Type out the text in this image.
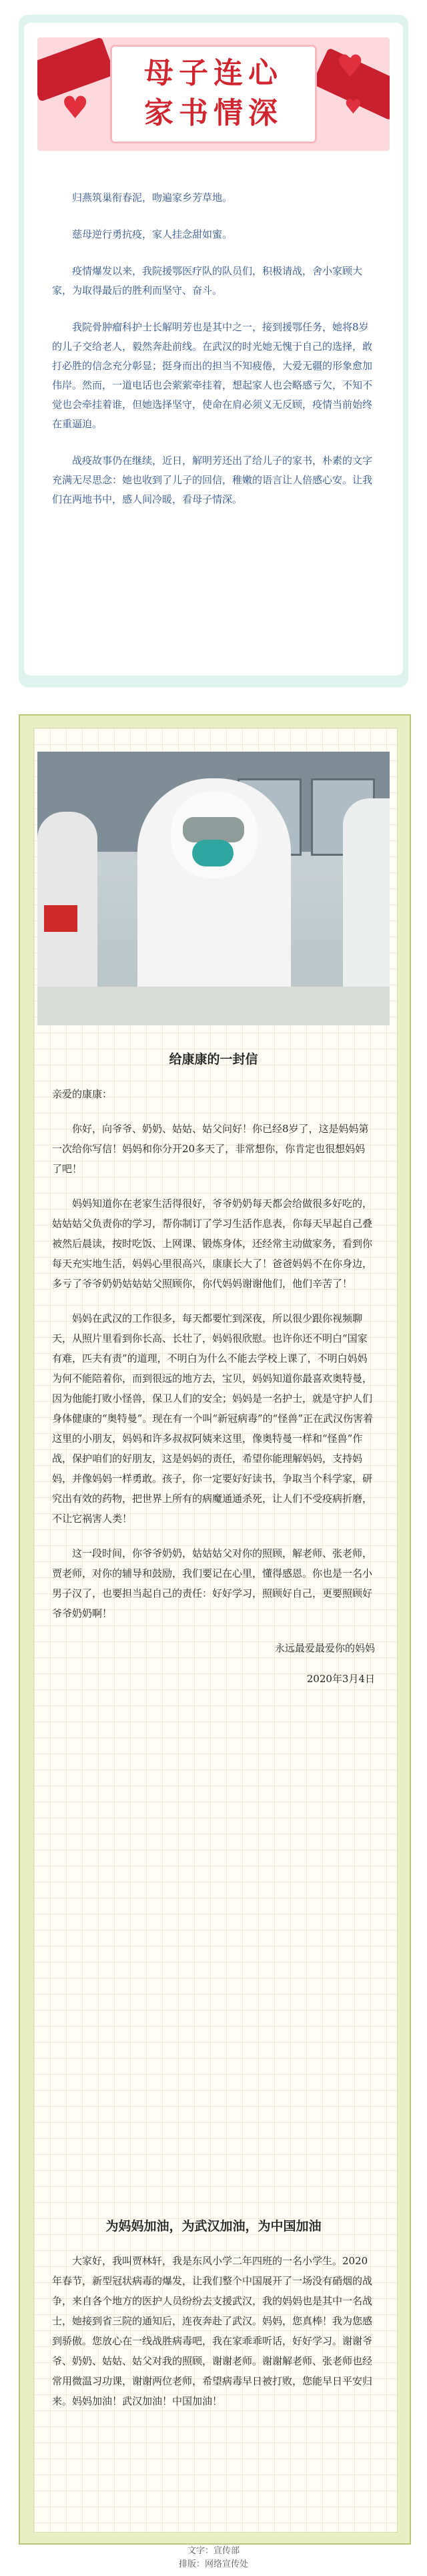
♥
♥
♥
母子连心
家书情深

归燕筑巢衔春泥，吻遍家乡芳草地。

慈母逆行勇抗疫，家人挂念甜如蜜。

疫情爆发以来，我院援鄂医疗队的队员们，积极请战，舍小家顾大家，为取得最后的胜利而坚守、奋斗。

我院骨肿瘤科护士长解明芳也是其中之一，接到援鄂任务，她将8岁的儿子交给老人，毅然奔赴前线。在武汉的时光她无愧于自己的选择，敢打必胜的信念充分彰显；挺身而出的担当不知疲倦，大爱无疆的形象愈加伟岸。然而，一道电话也会萦萦牵挂着，想起家人也会略感亏欠，不知不觉也会牵挂着谁，但她选择坚守，使命在肩必须义无反顾，疫情当前始终在重逼迫。

战疫故事仍在继续，近日，解明芳还出了给儿子的家书，朴素的文字充满无尽思念：她也收到了儿子的回信，稚嫩的语言让人倍感心安。让我们在两地书中，感人间冷暖，看母子情深。

给康康的一封信

亲爱的康康：

你好，向爷爷、奶奶、姑姑、姑父问好！你已经8岁了，这是妈妈第一次给你写信！妈妈和你分开20多天了，非常想你，你肯定也很想妈妈了吧！

妈妈知道你在老家生活得很好，爷爷奶奶每天都会给做很多好吃的，姑姑姑父负责你的学习，帮你制订了学习生活作息表，你每天早起自己叠被然后晨读，按时吃饭、上网课、锻炼身体，还经常主动做家务，看到你每天充实地生活，妈妈心里很高兴，康康长大了！爸爸妈妈不在你身边，多亏了爷爷奶奶姑姑姑父照顾你，你代妈妈谢谢他们，他们辛苦了！

妈妈在武汉的工作很多，每天都要忙到深夜，所以很少跟你视频聊天，从照片里看到你长高、长壮了，妈妈很欣慰。也许你还不明白“国家有难，匹夫有责”的道理，不明白为什么不能去学校上课了，不明白妈妈为何不能陪着你，而到很远的地方去，宝贝，妈妈知道你最喜欢奥特曼，因为他能打败小怪兽，保卫人们的安全；妈妈是一名护士，就是守护人们身体健康的“奥特曼”。现在有一个叫“新冠病毒”的“怪兽”正在武汉伤害着这里的小朋友，妈妈和许多叔叔阿姨来这里，像奥特曼一样和“怪兽”作战，保护咱们的好朋友，这是妈妈的责任，希望你能理解妈妈，支持妈妈，并像妈妈一样勇敢。孩子，你一定要好好读书，争取当个科学家，研究出有效的药物，把世界上所有的病魔通通杀死，让人们不受疫病折磨，不让它祸害人类！

这一段时间，你爷爷奶奶，姑姑姑父对你的照顾，解老师、张老师，贾老师，对你的辅导和鼓励，我们要记在心里，懂得感恩。你也是一名小男子汉了，也要担当起自己的责任：好好学习，照顾好自己，更要照顾好爷爷奶奶啊！

永远最爱最爱你的妈妈

2020年3月4日

为妈妈加油，为武汉加油，为中国加油

大家好，我叫贾林轩，我是东风小学二年四班的一名小学生。2020年春节，新型冠状病毒的爆发，让我们整个中国展开了一场没有硝烟的战争，来自各个地方的医护人员纷纷去支援武汉，我的妈妈也是其中一名战士，她接到省三院的通知后，连夜奔赴了武汉。妈妈，您真棒！我为您感到骄傲。您放心在一线战胜病毒吧，我在家乖乖听话，好好学习。谢谢爷爷、奶奶、姑姑、姑父对我的照顾，谢谢老师。谢谢解老师、张老师也经常用微温习功课，谢谢两位老师，希望病毒早日被打败，您能早日平安归来。妈妈加油！武汉加油！中国加油！

文字：宣传部
排版：网络宣传处
